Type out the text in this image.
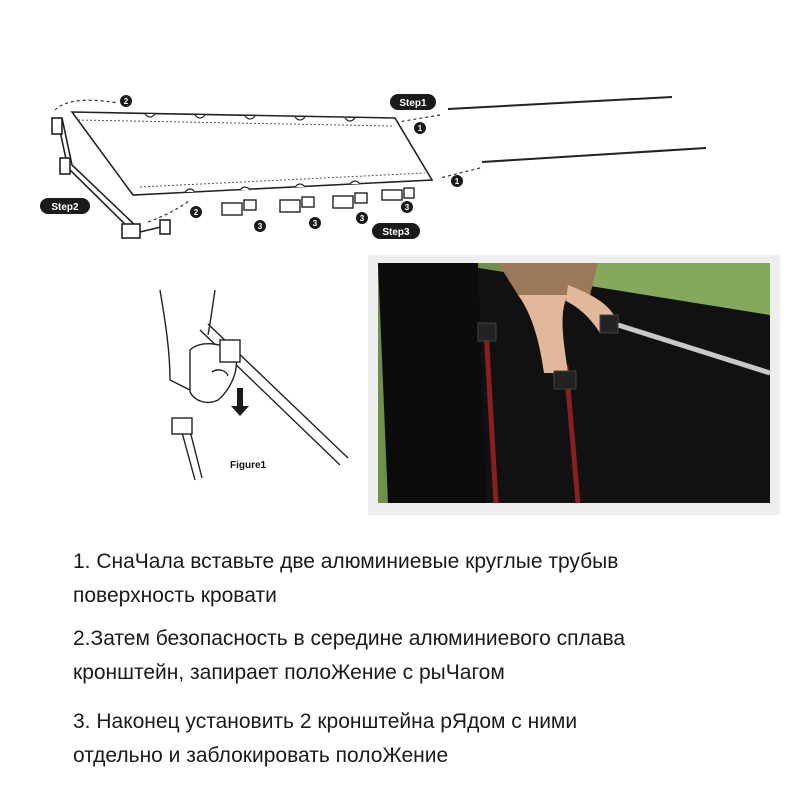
Step1
Step2
Step3
1
1
2
2
3	3
3
3
Figure1

1. СнаЧала вставьте две алюминиевые круглые трубыв
поверхность кровати

2.Затем безопасность в середине алюминиевого сплава
кронштейн, запирает полоЖение с рыЧагом

3. Наконец установить 2 кронштейна рЯдом с ними
отдельно и заблокировать полоЖение
